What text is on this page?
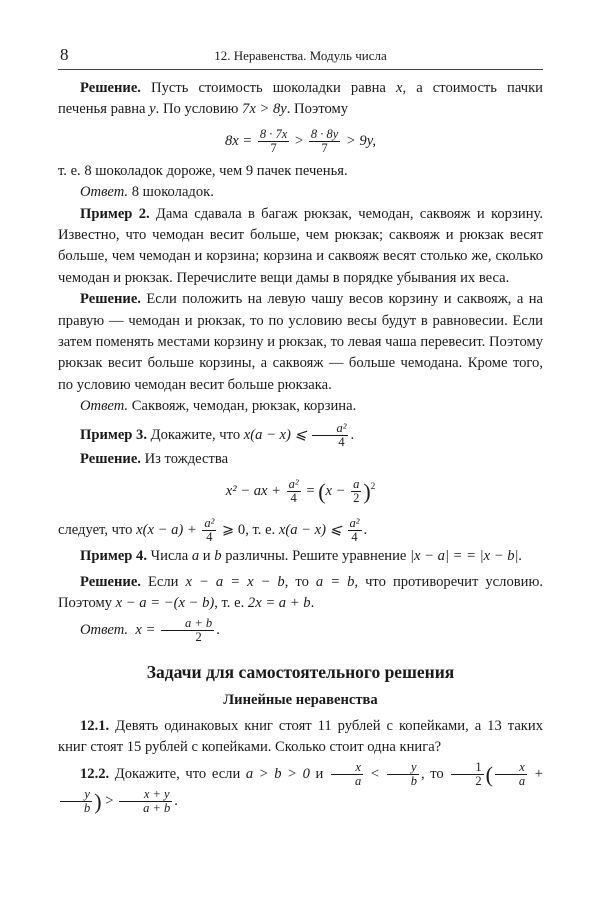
8	12. Неравенства. Модуль числа

Решение. Пусть стоимость шоколадки равна x, а стоимость пачки печенья равна y. По условию 7x > 8y. Поэтому

$8x = \frac{8 \cdot 7x}{7} > \frac{8 \cdot 8y}{7} > 9y$,

т. е. 8 шоколадок дороже, чем 9 пачек печенья.

Ответ. 8 шоколадок.

Пример 2. Дама сдавала в багаж рюкзак, чемодан, саквояж и корзину. Известно, что чемодан весит больше, чем рюкзак; саквояж и рюкзак весят больше, чем чемодан и корзина; корзина и саквояж весят столько же, сколько чемодан и рюкзак. Перечислите вещи дамы в порядке убывания их веса.

Решение. Если положить на левую чашу весов корзину и саквояж, а на правую — чемодан и рюкзак, то по условию весы будут в равновесии. Если затем поменять местами корзину и рюкзак, то левая чаша перевесит. Поэтому рюкзак весит больше корзины, а саквояж — больше чемодана. Кроме того, по условию чемодан весит больше рюкзака.

Ответ. Саквояж, чемодан, рюкзак, корзина.

Пример 3. Докажите, что x(a − x) ⩽ $\frac{\text{a²}}{4}$ .

Решение. Из тождества

x² − ax + $\frac{\text{a²}}{4} = (x - \frac{a}{2} )^2$

следует, что $x(x - a) + \frac{\text{a²}}{4}$ ⩾ 0, т. е. x(a − x) ⩽ $\frac{\text{a²}}{4}$ .

Пример 4. Числа a и b различны. Решите уравнение |x − a| = = |x − b|.

Решение. Если x − a = x − b, то a = b, что противоречит условию. Поэтому x − a = −(x − b), т. е. 2x = a + b.

Ответ. $x = \frac{a + b}{2}$ .

Задачи для самостоятельного решения
Линейные неравенства

12.1. Девять одинаковых книг стоят 11 рублей с копейками, а 13 таких книг стоят 15 рублей с копейками. Сколько стоит одна книга?

12.2. Докажите, что если a > b > 0 и $\frac{x}{a} < \frac{y}{b}$ , то $\frac{1}{2}$ ( $\frac{x}{a}$ +
$\frac{y}{b}$ ) > $\frac{x + y}{a + b}$ .
